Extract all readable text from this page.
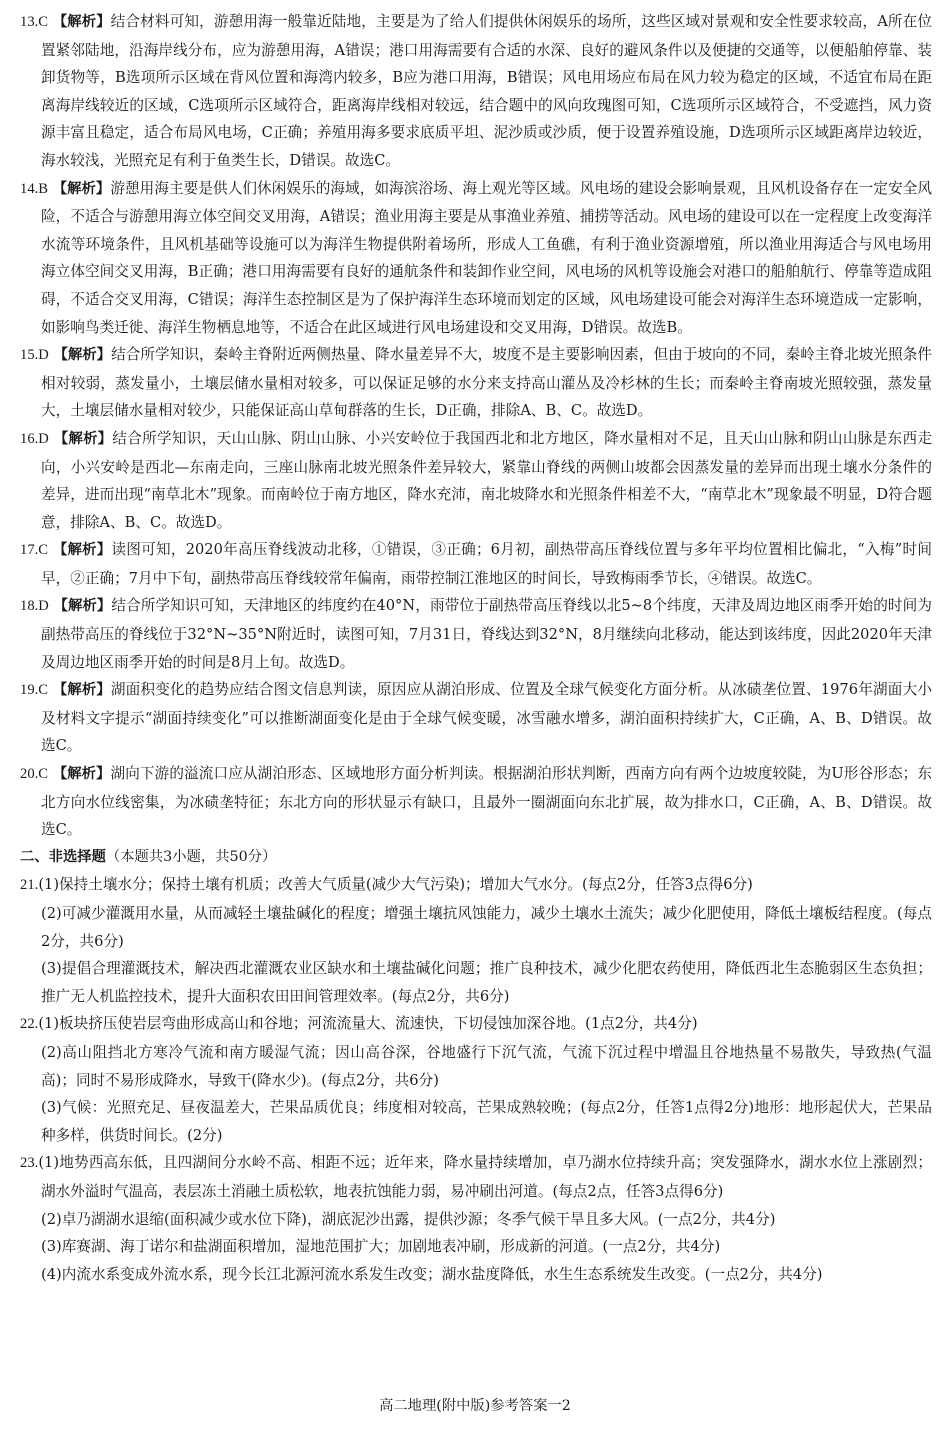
13.C 【解析】结合材料可知，游憩用海一般靠近陆地，主要是为了给人们提供休闲娱乐的场所，这些区域对景观和安全性要求较高，A所在位置紧邻陆地，沿海岸线分布，应为游憩用海，A错误；港口用海需要有合适的水深、良好的避风条件以及便捷的交通等，以便船舶停靠、装卸货物等，B选项所示区域在背风位置和海湾内较多，B应为港口用海，B错误；风电用场应布局在风力较为稳定的区域，不适宜布局在距离海岸线较近的区域，C选项所示区域符合，距离海岸线相对较远，结合题中的风向玫瑰图可知，C选项所示区域符合，不受遮挡，风力资源丰富且稳定，适合布局风电场，C正确；养殖用海多要求底质平坦、泥沙质或沙质，便于设置养殖设施，D选项所示区域距离岸边较近，海水较浅，光照充足有利于鱼类生长，D错误。故选C。

14.B 【解析】游憩用海主要是供人们休闲娱乐的海域，如海滨浴场、海上观光等区域。风电场的建设会影响景观，且风机设备存在一定安全风险，不适合与游憩用海立体空间交叉用海，A错误；渔业用海主要是从事渔业养殖、捕捞等活动。风电场的建设可以在一定程度上改变海洋水流等环境条件，且风机基础等设施可以为海洋生物提供附着场所，形成人工鱼礁，有利于渔业资源增殖，所以渔业用海适合与风电场用海立体空间交叉用海，B正确；港口用海需要有良好的通航条件和装卸作业空间，风电场的风机等设施会对港口的船舶航行、停靠等造成阻碍，不适合交叉用海，C错误；海洋生态控制区是为了保护海洋生态环境而划定的区域，风电场建设可能会对海洋生态环境造成一定影响，如影响鸟类迁徙、海洋生物栖息地等，不适合在此区域进行风电场建设和交叉用海，D错误。故选B。

15.D 【解析】结合所学知识，秦岭主脊附近两侧热量、降水量差异不大，坡度不是主要影响因素，但由于坡向的不同，秦岭主脊北坡光照条件相对较弱，蒸发量小，土壤层储水量相对较多，可以保证足够的水分来支持高山灌丛及冷杉林的生长；而秦岭主脊南坡光照较强，蒸发量大，土壤层储水量相对较少，只能保证高山草甸群落的生长，D正确，排除A、B、C。故选D。

16.D 【解析】结合所学知识，天山山脉、阴山山脉、小兴安岭位于我国西北和北方地区，降水量相对不足，且天山山脉和阴山山脉是东西走向，小兴安岭是西北—东南走向，三座山脉南北坡光照条件差异较大，紧靠山脊线的两侧山坡都会因蒸发量的差异而出现土壤水分条件的差异，进而出现“南草北木”现象。而南岭位于南方地区，降水充沛，南北坡降水和光照条件相差不大，“南草北木”现象最不明显，D符合题意，排除A、B、C。故选D。

17.C 【解析】读图可知，2020年高压脊线波动北移，①错误，③正确；6月初，副热带高压脊线位置与多年平均位置相比偏北，“入梅”时间早，②正确；7月中下旬，副热带高压脊线较常年偏南，雨带控制江淮地区的时间长，导致梅雨季节长，④错误。故选C。

18.D 【解析】结合所学知识可知，天津地区的纬度约在40°N，雨带位于副热带高压脊线以北5~8个纬度，天津及周边地区雨季开始的时间为副热带高压的脊线位于32°N~35°N附近时，读图可知，7月31日，脊线达到32°N，8月继续向北移动，能达到该纬度，因此2020年天津及周边地区雨季开始的时间是8月上旬。故选D。

19.C 【解析】湖面积变化的趋势应结合图文信息判读，原因应从湖泊形成、位置及全球气候变化方面分析。从冰碛垄位置、1976年湖面大小及材料文字提示“湖面持续变化”可以推断湖面变化是由于全球气候变暖，冰雪融水增多，湖泊面积持续扩大，C正确，A、B、D错误。故选C。

20.C 【解析】湖向下游的溢流口应从湖泊形态、区域地形方面分析判读。根据湖泊形状判断，西南方向有两个边坡度较陡，为U形谷形态；东北方向水位线密集，为冰碛垄特征；东北方向的形状显示有缺口，且最外一圈湖面向东北扩展，故为排水口，C正确，A、B、D错误。故选C。

二、非选择题（本题共3小题，共50分）

21.(1)保持土壤水分；保持土壤有机质；改善大气质量(减少大气污染)；增加大气水分。(每点2分，任答3点得6分)

(2)可减少灌溉用水量，从而减轻土壤盐碱化的程度；增强土壤抗风蚀能力，减少土壤水土流失；减少化肥使用，降低土壤板结程度。(每点2分，共6分)

(3)提倡合理灌溉技术，解决西北灌溉农业区缺水和土壤盐碱化问题；推广良种技术，减少化肥农药使用，降低西北生态脆弱区生态负担；推广无人机监控技术，提升大面积农田田间管理效率。(每点2分，共6分)

22.(1)板块挤压使岩层弯曲形成高山和谷地；河流流量大、流速快，下切侵蚀加深谷地。(1点2分，共4分)

(2)高山阻挡北方寒冷气流和南方暖湿气流；因山高谷深，谷地盛行下沉气流，气流下沉过程中增温且谷地热量不易散失，导致热(气温高)；同时不易形成降水，导致干(降水少)。(每点2分，共6分)

(3)气候：光照充足、昼夜温差大，芒果品质优良；纬度相对较高，芒果成熟较晚；(每点2分，任答1点得2分)地形：地形起伏大，芒果品种多样，供货时间长。(2分)

23.(1)地势西高东低，且四湖间分水岭不高、相距不远；近年来，降水量持续增加，卓乃湖水位持续升高；突发强降水，湖水水位上涨剧烈；湖水外溢时气温高，表层冻土消融土质松软，地表抗蚀能力弱，易冲刷出河道。(每点2点，任答3点得6分)

(2)卓乃湖湖水退缩(面积减少或水位下降)，湖底泥沙出露，提供沙源；冬季气候干旱且多大风。(一点2分，共4分)

(3)库赛湖、海丁诺尔和盐湖面积增加，湿地范围扩大；加剧地表冲刷，形成新的河道。(一点2分，共4分)

(4)内流水系变成外流水系，现今长江北源河流水系发生改变；湖水盐度降低，水生生态系统发生改变。(一点2分，共4分)

高二地理(附中版)参考答案一2
